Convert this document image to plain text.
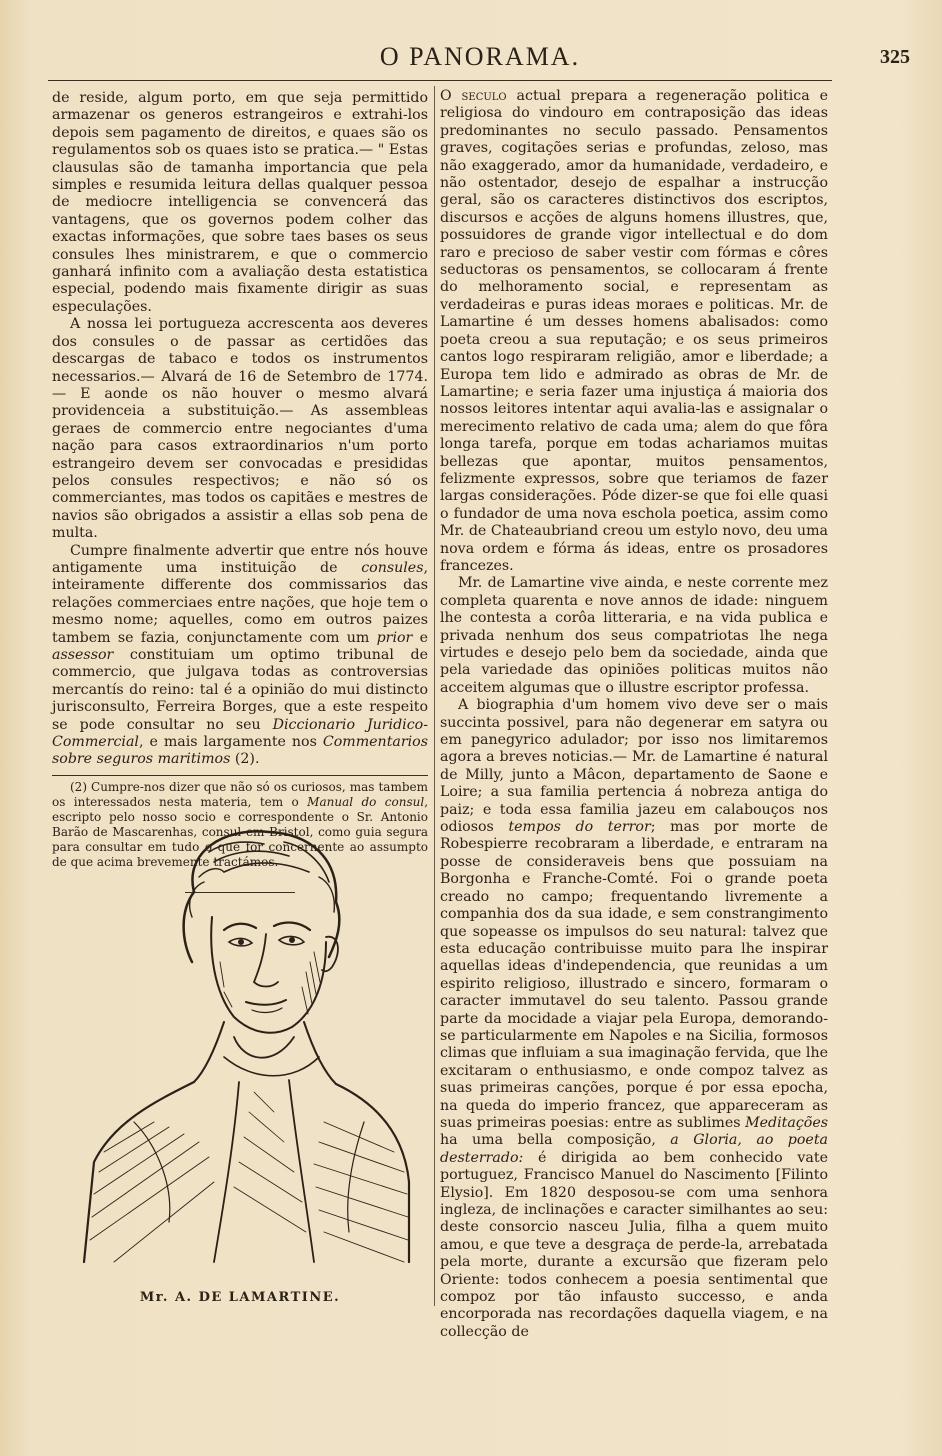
O PANORAMA.	325

de reside, algum porto, em que seja permittido armazenar os generos estrangeiros e extrahi-los depois sem pagamento de direitos, e quaes são os regulamentos sob os quaes isto se pratica.— " Estas clausulas são de tamanha importancia que pela simples e resumida leitura dellas qualquer pessoa de mediocre intelligencia se convencerá das vantagens, que os governos podem colher das exactas informações, que sobre taes bases os seus consules lhes ministrarem, e que o commercio ganhará infinito com a avaliação desta estatistica especial, podendo mais fixamente dirigir as suas especulações.

A nossa lei portugueza accrescenta aos deveres dos consules o de passar as certidões das descargas de tabaco e todos os instrumentos necessarios.— Alvará de 16 de Setembro de 1774.— E aonde os não houver o mesmo alvará providenceia a substituição.— As assembleas geraes de commercio entre negociantes d'uma nação para casos extraordinarios n'um porto estrangeiro devem ser convocadas e presididas pelos consules respectivos; e não só os commerciantes, mas todos os capitães e mestres de navios são obrigados a assistir a ellas sob pena de multa.

Cumpre finalmente advertir que entre nós houve antigamente uma instituição de consules, inteiramente differente dos commissarios das relações commerciaes entre nações, que hoje tem o mesmo nome; aquelles, como em outros paizes tambem se fazia, conjunctamente com um prior e assessor constituiam um optimo tribunal de commercio, que julgava todas as controversias mercantís do reino: tal é a opinião do mui distincto jurisconsulto, Ferreira Borges, que a este respeito se pode consultar no seu Diccionario Juridico-Commercial, e mais largamente nos Commentarios sobre seguros maritimos (2).

(2) Cumpre-nos dizer que não só os curiosos, mas tambem os interessados nesta materia, tem o Manual do consul, escripto pelo nosso socio e correspondente o Sr. Antonio Barão de Mascarenhas, consul em Bristol, como guia segura para consultar em tudo o que for concernente ao assumpto de que acima brevemente tractámos.

Mr. A. DE LAMARTINE.

O seculo actual prepara a regeneração politica e religiosa do vindouro em contraposição das ideas predominantes no seculo passado. Pensamentos graves, cogitações serias e profundas, zeloso, mas não exaggerado, amor da humanidade, verdadeiro, e não ostentador, desejo de espalhar a instrucção geral, são os caracteres distinctivos dos escriptos, discursos e acções de alguns homens illustres, que, possuidores de grande vigor intellectual e do dom raro e precioso de saber vestir com fórmas e côres seductoras os pensamentos, se collocaram á frente do melhoramento social, e representam as verdadeiras e puras ideas moraes e politicas. Mr. de Lamartine é um desses homens abalisados: como poeta creou a sua reputação; e os seus primeiros cantos logo respiraram religião, amor e liberdade; a Europa tem lido e admirado as obras de Mr. de Lamartine; e seria fazer uma injustiça á maioria dos nossos leitores intentar aqui avalia-las e assignalar o merecimento relativo de cada uma; alem do que fôra longa tarefa, porque em todas achariamos muitas bellezas que apontar, muitos pensamentos, felizmente expressos, sobre que teriamos de fazer largas considerações. Póde dizer-se que foi elle quasi o fundador de uma nova eschola poetica, assim como Mr. de Chateaubriand creou um estylo novo, deu uma nova ordem e fórma ás ideas, entre os prosadores francezes.

Mr. de Lamartine vive ainda, e neste corrente mez completa quarenta e nove annos de idade: ninguem lhe contesta a corôa litteraria, e na vida publica e privada nenhum dos seus compatriotas lhe nega virtudes e desejo pelo bem da sociedade, ainda que pela variedade das opiniões politicas muitos não acceitem algumas que o illustre escriptor professa.

A biographia d'um homem vivo deve ser o mais succinta possivel, para não degenerar em satyra ou em panegyrico adulador; por isso nos limitaremos agora a breves noticias.— Mr. de Lamartine é natural de Milly, junto a Mâcon, departamento de Saone e Loire; a sua familia pertencia á nobreza antiga do paiz; e toda essa familia jazeu em calabouços nos odiosos tempos do terror; mas por morte de Robespierre recobraram a liberdade, e entraram na posse de consideraveis bens que possuiam na Borgonha e Franche-Comté. Foi o grande poeta creado no campo; frequentando livremente a companhia dos da sua idade, e sem constrangimento que sopeasse os impulsos do seu natural: talvez que esta educação contribuisse muito para lhe inspirar aquellas ideas d'independencia, que reunidas a um espirito religioso, illustrado e sincero, formaram o caracter immutavel do seu talento. Passou grande parte da mocidade a viajar pela Europa, demorando-se particularmente em Napoles e na Sicilia, formosos climas que influiam a sua imaginação fervida, que lhe excitaram o enthusiasmo, e onde compoz talvez as suas primeiras canções, porque é por essa epocha, na queda do imperio francez, que appareceram as suas primeiras poesias: entre as sublimes Meditações ha uma bella composição, a Gloria, ao poeta desterrado: é dirigida ao bem conhecido vate portuguez, Francisco Manuel do Nascimento [Filinto Elysio]. Em 1820 desposou-se com uma senhora ingleza, de inclinações e caracter similhantes ao seu: deste consorcio nasceu Julia, filha a quem muito amou, e que teve a desgraça de perde-la, arrebatada pela morte, durante a excursão que fizeram pelo Oriente: todos conhecem a poesia sentimental que compoz por tão infausto successo, e anda encorporada nas recordações daquella viagem, e na collecção de
